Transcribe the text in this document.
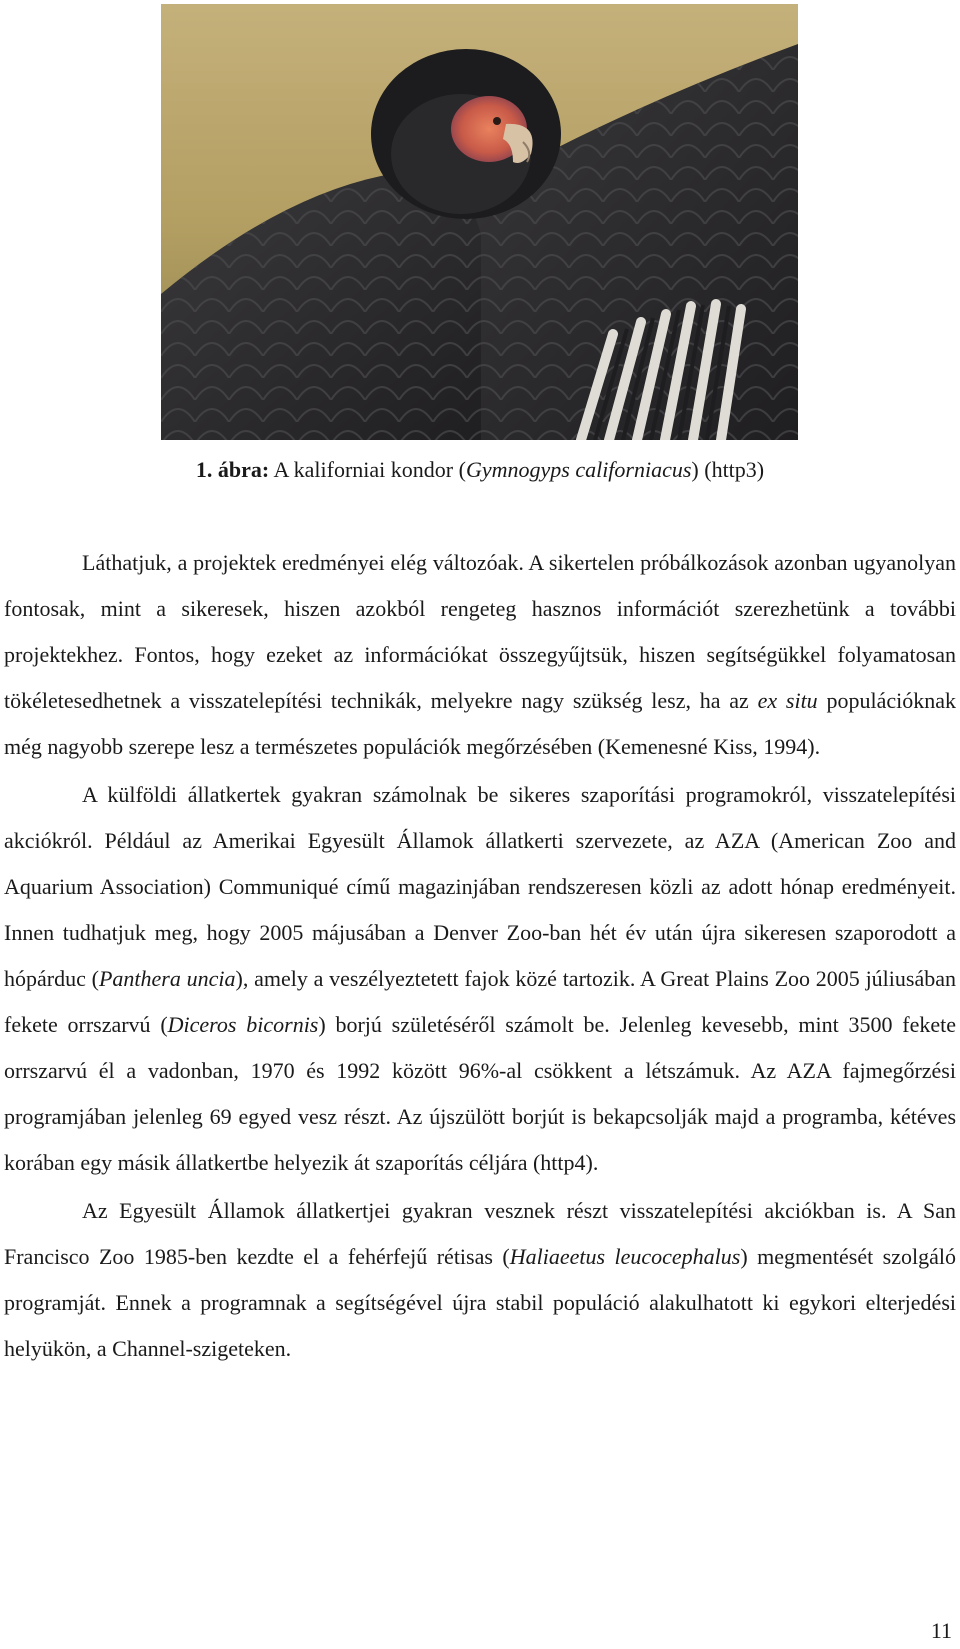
1. ábra: A kaliforniai kondor (Gymnogyps californiacus) (http3)

Láthatjuk, a projektek eredményei elég változóak. A sikertelen próbálkozások azonban ugyanolyan fontosak, mint a sikeresek, hiszen azokból rengeteg hasznos információt szerezhetünk a további projektekhez. Fontos, hogy ezeket az információkat összegyűjtsük, hiszen segítségükkel folyamatosan tökéletesedhetnek a visszatelepítési technikák, melyekre nagy szükség lesz, ha az ex situ populációknak még nagyobb szerepe lesz a természetes populációk megőrzésében (Kemenesné Kiss, 1994).

A külföldi állatkertek gyakran számolnak be sikeres szaporítási programokról, visszatelepítési akciókról. Például az Amerikai Egyesült Államok állatkerti szervezete, az AZA (American Zoo and Aquarium Association) Communiqué című magazinjában rendszeresen közli az adott hónap eredményeit. Innen tudhatjuk meg, hogy 2005 májusában a Denver Zoo-ban hét év után újra sikeresen szaporodott a hópárduc (Panthera uncia), amely a veszélyeztetett fajok közé tartozik. A Great Plains Zoo 2005 júliusában fekete orrszarvú (Diceros bicornis) borjú születéséről számolt be. Jelenleg kevesebb, mint 3500 fekete orrszarvú él a vadonban, 1970 és 1992 között 96%-al csökkent a létszámuk. Az AZA fajmegőrzési programjában jelenleg 69 egyed vesz részt. Az újszülött borjút is bekapcsolják majd a programba, kétéves korában egy másik állatkertbe helyezik át szaporítás céljára (http4).

Az Egyesült Államok állatkertjei gyakran vesznek részt visszatelepítési akciókban is. A San Francisco Zoo 1985-ben kezdte el a fehérfejű rétisas (Haliaeetus leucocephalus) megmentését szolgáló programját. Ennek a programnak a segítségével újra stabil populáció alakulhatott ki egykori elterjedési helyükön, a Channel-szigeteken.

11
